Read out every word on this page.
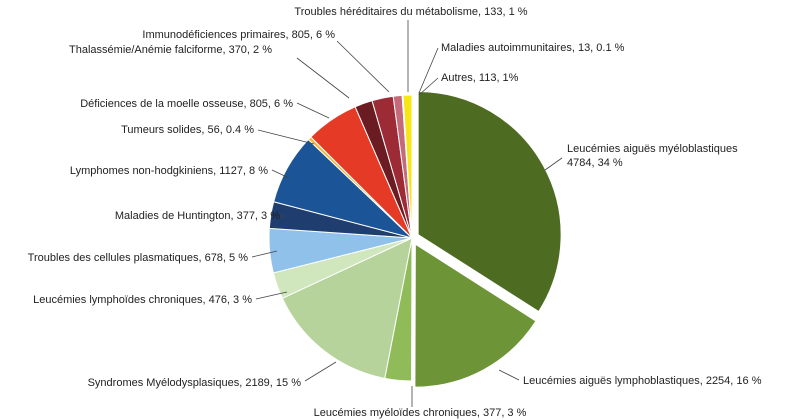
Leucémies aiguës myéloblastiques 4784, 34 %
Leucémies aiguës lymphoblastiques, 2254, 16 %
Leucémies myéloïdes chroniques, 377, 3 %
Syndromes Myélodysplasiques, 2189, 15 %
Leucémies lymphoïdes chroniques, 476, 3 %
Troubles des cellules plasmatiques, 678, 5 %
Maladies de Huntington, 377, 3 %
Lymphomes non-hodgkiniens, 1127, 8 %
Tumeurs solides, 56, 0.4 %
Déficiences de la moelle osseuse, 805, 6 %
Thalassémie/Anémie falciforme, 370, 2 %
Immunodéficiences primaires, 805, 6 %
Troubles héréditaires du métabolisme, 133, 1 %
Maladies autoimmunitaires, 13, 0.1 %
Autres, 113, 1%
